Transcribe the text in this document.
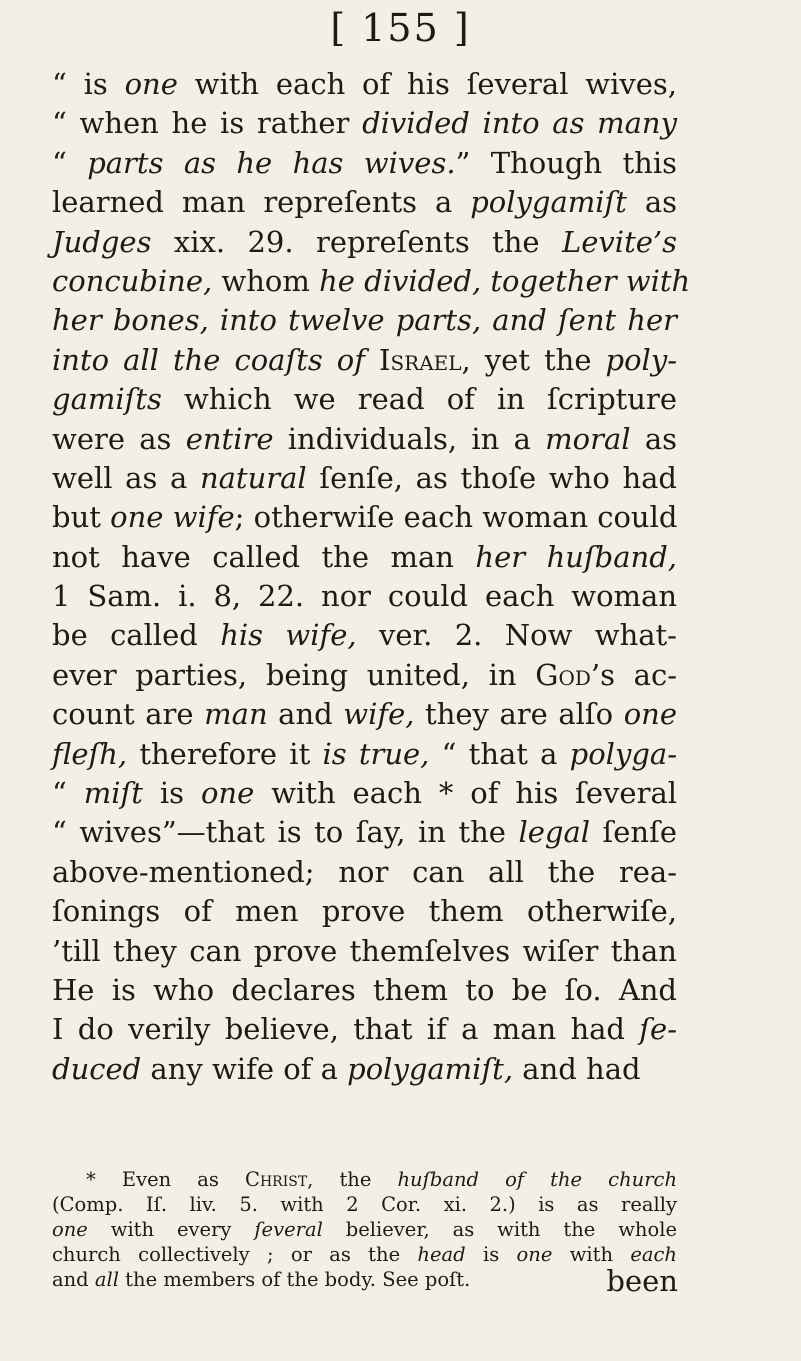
[ 155 ]
“ is one with each of his ſeveral wives,
“ when he is rather divided into as many
“ parts as he has wives.” Though this
learned man repreſents a polygamiſt as
Judges xix. 29. repreſents the Levite’s
concubine, whom he divided, together with
her bones, into twelve parts, and ſent her
into all the coaſts of Israel, yet the poly-
gamiſts which we read of in ſcripture
were as entire individuals, in a moral as
well as a natural ſenſe, as thoſe who had
but one wife; otherwiſe each woman could
not have called the man her huſband,
1 Sam. i. 8, 22. nor could each woman
be called his wife, ver. 2. Now what-
ever parties, being united, in God’s ac-
count are man and wife, they are alſo one
fleſh, therefore it is true, “ that a polyga-
“ miſt is one with each * of his ſeveral
“ wives”—that is to ſay, in the legal ſenſe
above-mentioned; nor can all the rea-
ſonings of men prove them otherwiſe,
’till they can prove themſelves wiſer than
He is who declares them to be ſo. And
I do verily believe, that if a man had ſe-
duced any wife of a polygamiſt, and had
* Even as Christ, the huſband of the church
(Comp. Iſ. liv. 5. with 2 Cor. xi. 2.) is as really
one with every ſeveral believer, as with the whole
church collectively ; or as the head is one with each
and all the members of the body. See poſt.	been
